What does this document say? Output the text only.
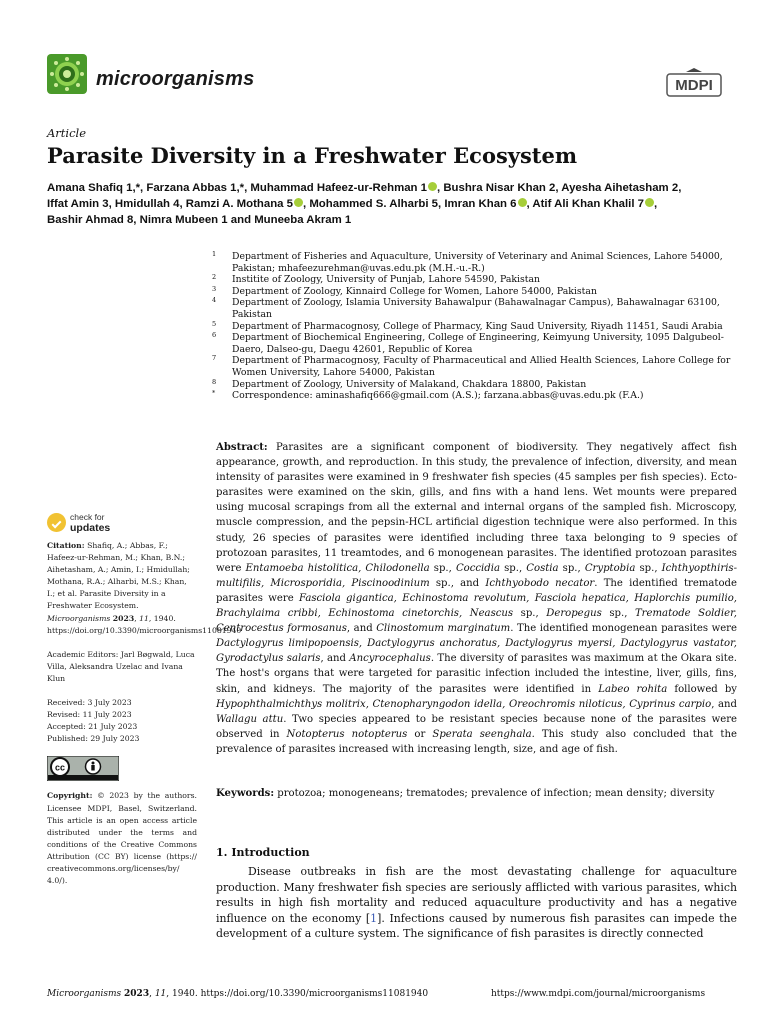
microorganisms	MDPI
Article
Parasite Diversity in a Freshwater Ecosystem
Amana Shafiq 1,*, Farzana Abbas 1,*, Muhammad Hafeez-ur-Rehman 1 , Bushra Nisar Khan 2, Ayesha Aihetasham 2,
Iffat Amin 3, Hmidullah 4, Ramzi A. Mothana 5 , Mohammed S. Alharbi 5, Imran Khan 6 , Atif Ali Khan Khalil 7 ,
Bashir Ahmad 8, Nimra Mubeen 1 and Muneeba Akram 1

1 Department of Fisheries and Aquaculture, University of Veterinary and Animal Sciences, Lahore 54000, Pakistan; mhafeezurehman@uvas.edu.pk (M.H.-u.-R.)

2 Institite of Zoology, University of Punjab, Lahore 54590, Pakistan

3 Department of Zoology, Kinnaird College for Women, Lahore 54000, Pakistan

4 Department of Zoology, Islamia University Bahawalpur (Bahawalnagar Campus), Bahawalnagar 63100, Pakistan

5 Department of Pharmacognosy, College of Pharmacy, King Saud University, Riyadh 11451, Saudi Arabia

6 Department of Biochemical Engineering, College of Engineering, Keimyung University, 1095 Dalgubeol-Daero, Dalseo-gu, Daegu 42601, Republic of Korea

7 Department of Pharmacognosy, Faculty of Pharmaceutical and Allied Health Sciences, Lahore College for Women University, Lahore 54000, Pakistan

8 Department of Zoology, University of Malakand, Chakdara 18800, Pakistan

* Correspondence: aminashafiq666@gmail.com (A.S.); farzana.abbas@uvas.edu.pk (F.A.)

check for
updates

Citation: Shafiq, A.; Abbas, F.; Hafeez-ur-Rehman, M.; Khan, B.N.; Aihetasham, A.; Amin, I.; Hmidullah; Mothana, R.A.; Alharbi, M.S.; Khan, I.; et al. Parasite Diversity in a Freshwater Ecosystem. Microorganisms 2023, 11, 1940. https://doi.org/10.3390/microorganisms11081940

Academic Editors: Jarl Bøgwald, Luca Villa, Aleksandra Uzelac and Ivana Klun

Received: 3 July 2023
Revised: 11 July 2023
Accepted: 21 July 2023
Published: 29 July 2023

cc

Copyright: © 2023 by the authors. Licensee MDPI, Basel, Switzerland. This article is an open access article distributed under the terms and conditions of the Creative Commons Attribution (CC BY) license (https:// creativecommons.org/licenses/by/ 4.0/).

Abstract: Parasites are a significant component of biodiversity. They negatively affect fish appearance, growth, and reproduction. In this study, the prevalence of infection, diversity, and mean intensity of parasites were examined in 9 freshwater fish species (45 samples per fish species). Ecto-parasites were examined on the skin, gills, and fins with a hand lens. Wet mounts were prepared using mucosal scrapings from all the external and internal organs of the sampled fish. Microscopy, muscle compression, and the pepsin-HCL artificial digestion technique were also performed. In this study, 26 species of parasites were identified including three taxa belonging to 9 species of protozoan parasites, 11 treamtodes, and 6 monogenean parasites. The identified protozoan parasites were Entamoeba histolitica, Chilodonella sp., Coccidia sp., Costia sp., Cryptobia sp., Ichthyopthiris-multifilis, Microsporidia, Piscinoodinium sp., and Ichthyobodo necator. The identified trematode parasites were Fasciola gigantica, Echinostoma revolutum, Fasciola hepatica, Haplorchis pumilio, Brachylaima cribbi, Echinostoma cinetorchis, Neascus sp., Deropegus sp., Trematode Soldier, Centrocestus formosanus, and Clinostomum marginatum. The identified monogenean parasites were Dactylogyrus limipopoensis, Dactylogyrus anchoratus, Dactylogyrus myersi, Dactylogyrus vastator, Gyrodactylus salaris, and Ancyrocephalus. The diversity of parasites was maximum at the Okara site. The host's organs that were targeted for parasitic infection included the intestine, liver, gills, fins, skin, and kidneys. The majority of the parasites were identified in Labeo rohita followed by Hypophthalmichthys molitrix, Ctenopharyngodon idella, Oreochromis niloticus, Cyprinus carpio, and Wallagu attu. Two species appeared to be resistant species because none of the parasites were observed in Notopterus notopterus or Sperata seenghala. This study also concluded that the prevalence of parasites increased with increasing length, size, and age of fish.
Keywords: protozoa; monogeneans; trematodes; prevalence of infection; mean density; diversity
1. Introduction
Disease outbreaks in fish are the most devastating challenge for aquaculture production. Many freshwater fish species are seriously afflicted with various parasites, which results in high fish mortality and reduced aquaculture productivity and has a negative influence on the economy [1]. Infections caused by numerous fish parasites can impede the development of a culture system. The significance of fish parasites is directly connected
Microorganisms 2023, 11, 1940. https://doi.org/10.3390/microorganisms11081940	https://www.mdpi.com/journal/microorganisms
